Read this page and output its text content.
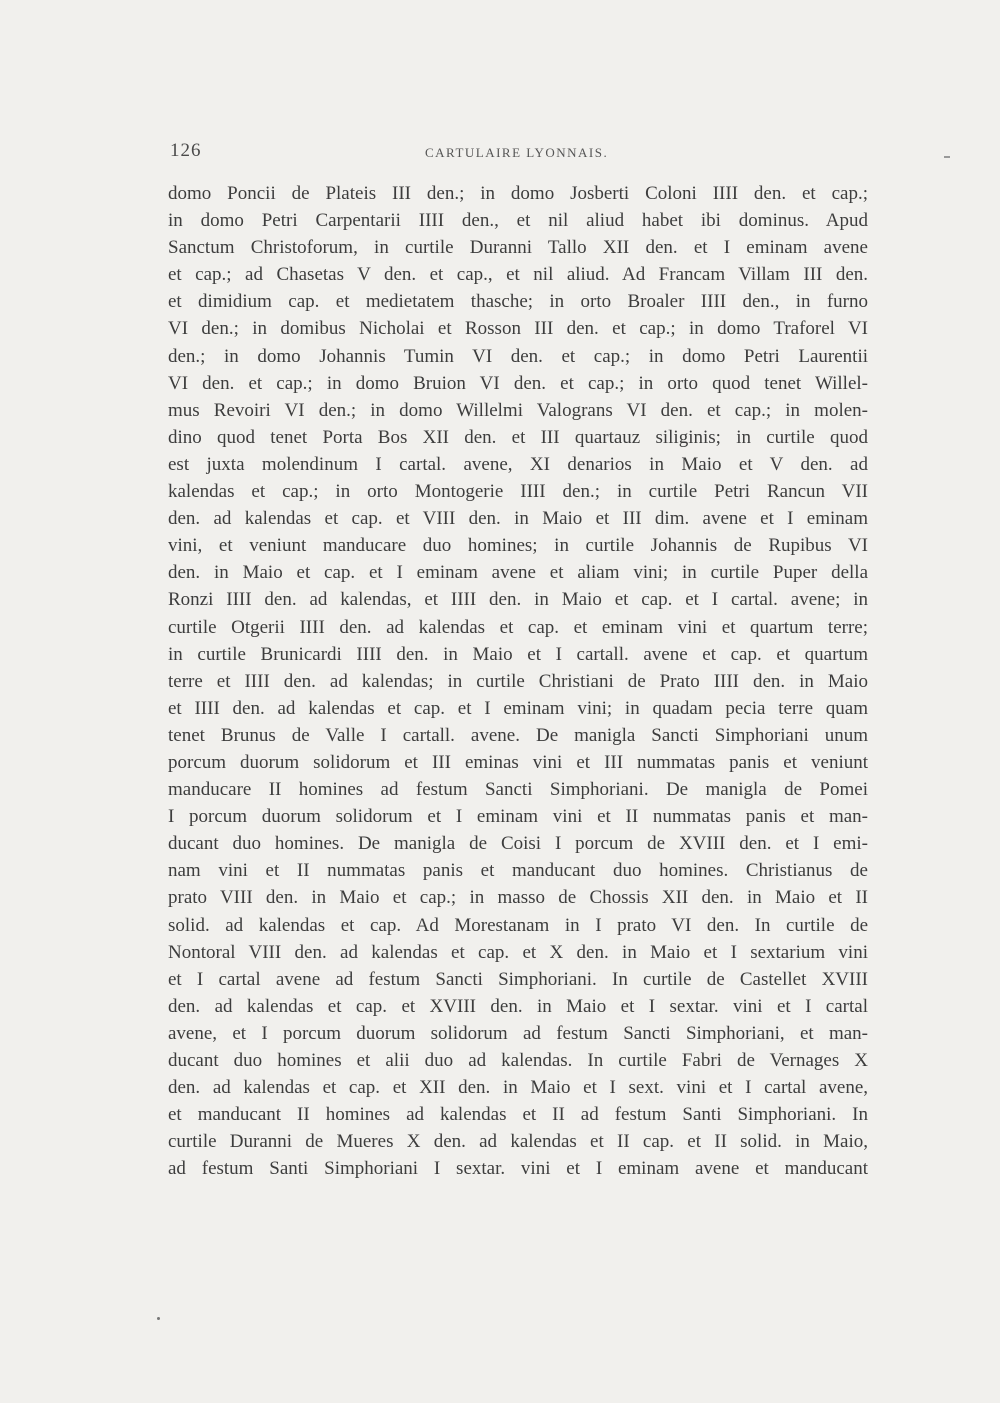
126	CARTULAIRE LYONNAIS.
domo Poncii de Plateis III den.; in domo Josberti Coloni IIII den. et cap.;
in domo Petri Carpentarii IIII den., et nil aliud habet ibi dominus. Apud
Sanctum Christoforum, in curtile Duranni Tallo XII den. et I eminam avene
et cap.; ad Chasetas V den. et cap., et nil aliud. Ad Francam Villam III den.
et dimidium cap. et medietatem thasche; in orto Broaler IIII den., in furno
VI den.; in domibus Nicholai et Rosson III den. et cap.; in domo Traforel VI
den.; in domo Johannis Tumin VI den. et cap.; in domo Petri Laurentii
VI den. et cap.; in domo Bruion VI den. et cap.; in orto quod tenet Willel-
mus Revoiri VI den.; in domo Willelmi Valograns VI den. et cap.; in molen-
dino quod tenet Porta Bos XII den. et III quartauz siliginis; in curtile quod
est juxta molendinum I cartal. avene, XI denarios in Maio et V den. ad
kalendas et cap.; in orto Montogerie IIII den.; in curtile Petri Rancun VII
den. ad kalendas et cap. et VIII den. in Maio et III dim. avene et I eminam
vini, et veniunt manducare duo homines; in curtile Johannis de Rupibus VI
den. in Maio et cap. et I eminam avene et aliam vini; in curtile Puper della
Ronzi IIII den. ad kalendas, et IIII den. in Maio et cap. et I cartal. avene; in
curtile Otgerii IIII den. ad kalendas et cap. et eminam vini et quartum terre;
in curtile Brunicardi IIII den. in Maio et I cartall. avene et cap. et quartum
terre et IIII den. ad kalendas; in curtile Christiani de Prato IIII den. in Maio
et IIII den. ad kalendas et cap. et I eminam vini; in quadam pecia terre quam
tenet Brunus de Valle I cartall. avene. De manigla Sancti Simphoriani unum
porcum duorum solidorum et III eminas vini et III nummatas panis et veniunt
manducare II homines ad festum Sancti Simphoriani. De manigla de Pomei
I porcum duorum solidorum et I eminam vini et II nummatas panis et man-
ducant duo homines. De manigla de Coisi I porcum de XVIII den. et I emi-
nam vini et II nummatas panis et manducant duo homines. Christianus de
prato VIII den. in Maio et cap.; in masso de Chossis XII den. in Maio et II
solid. ad kalendas et cap. Ad Morestanam in I prato VI den. In curtile de
Nontoral VIII den. ad kalendas et cap. et X den. in Maio et I sextarium vini
et I cartal avene ad festum Sancti Simphoriani. In curtile de Castellet XVIII
den. ad kalendas et cap. et XVIII den. in Maio et I sextar. vini et I cartal
avene, et I porcum duorum solidorum ad festum Sancti Simphoriani, et man-
ducant duo homines et alii duo ad kalendas. In curtile Fabri de Vernages X
den. ad kalendas et cap. et XII den. in Maio et I sext. vini et I cartal avene,
et manducant II homines ad kalendas et II ad festum Santi Simphoriani. In
curtile Duranni de Mueres X den. ad kalendas et II cap. et II solid. in Maio,
ad festum Santi Simphoriani I sextar. vini et I eminam avene et manducant
